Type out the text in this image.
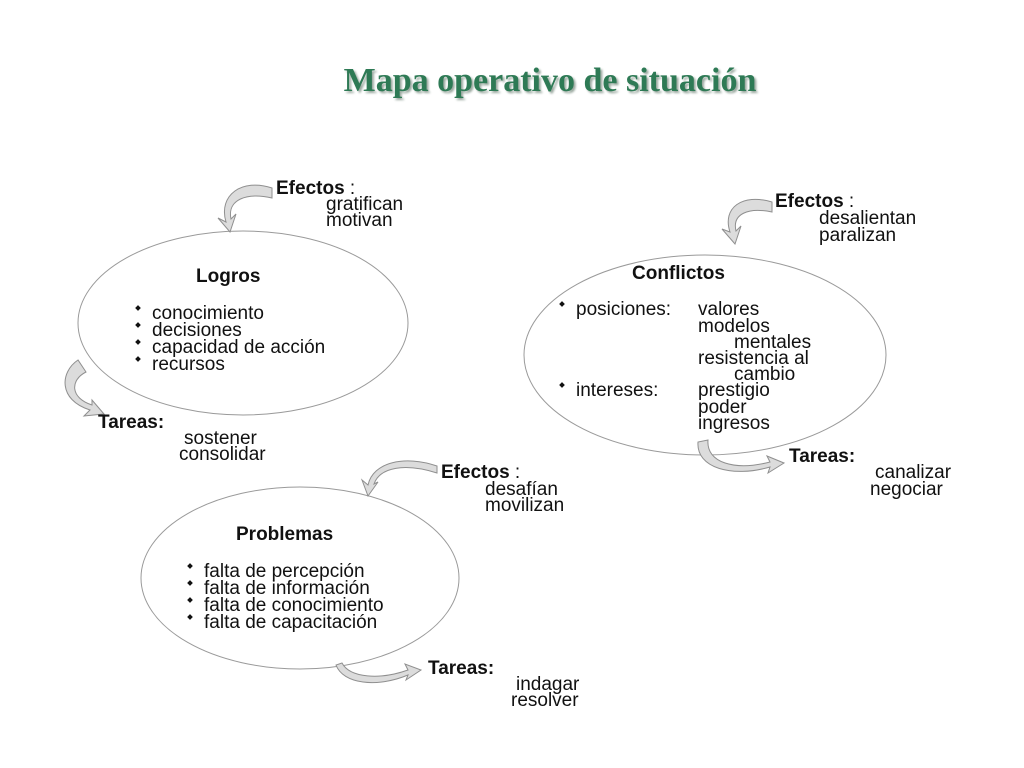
Mapa operativo de situación
Logros
conocimiento
decisiones
capacidad de acción
recursos
Efectos :
gratifican
motivan
Tareas:
sostener
consolidar
Conflictos
posiciones: valores
modelos
mentales
resistencia al
cambio
intereses: prestigio
poder
ingresos
Efectos :
desalientan
paralizan
Tareas:
canalizar
negociar
Problemas
falta de percepción
falta de información
falta de conocimiento
falta de capacitación
Efectos :
desafían
movilizan
Tareas:
indagar
resolver
